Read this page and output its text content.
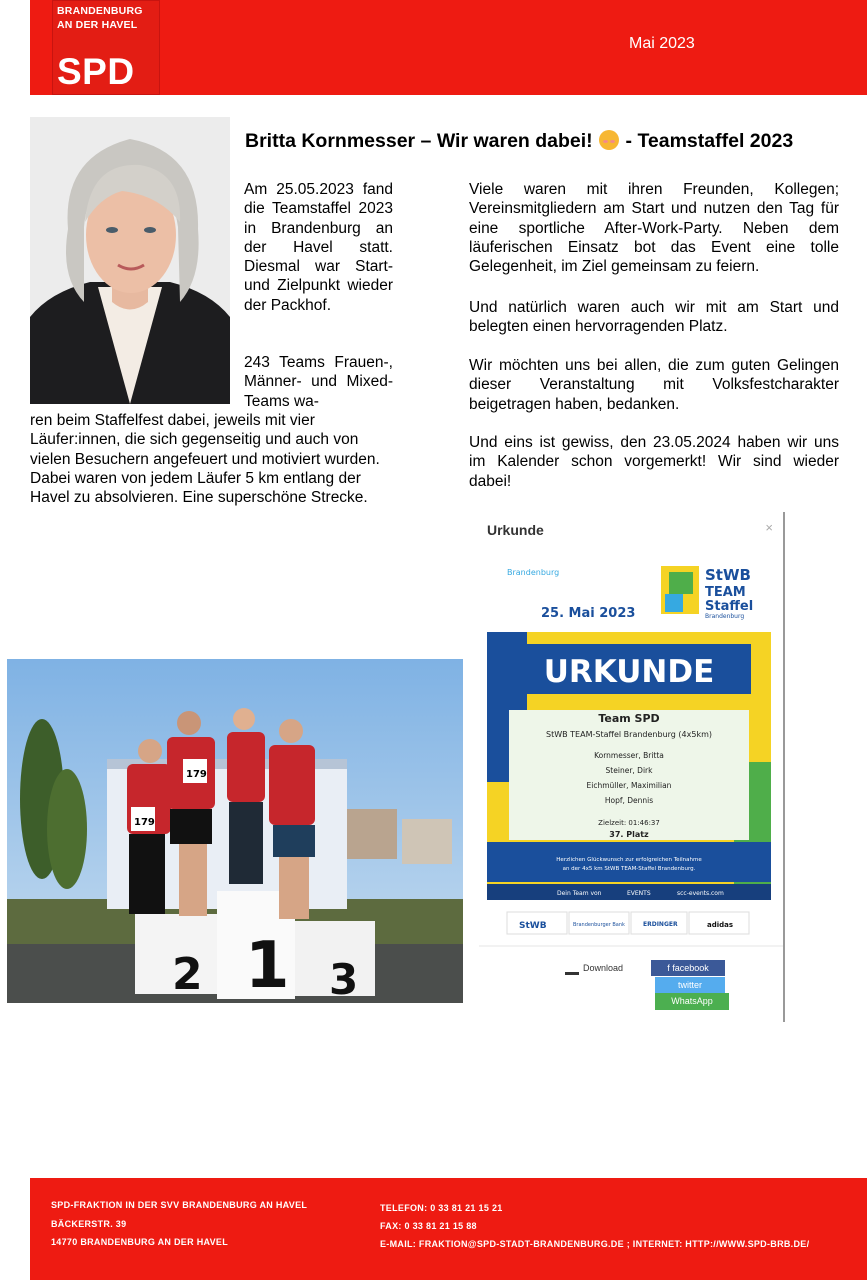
BRANDENBURG
AN DER HAVEL
SPD
Mai 2023
Britta Kornmesser – Wir waren dabei! - Teamstaffel 2023
Am 25.05.2023 fand die Teamstaffel 2023 in Brandenburg an der Havel statt. Diesmal war Start- und Zielpunkt wieder der Packhof.
243 Teams Frauen-, Männer- und Mixed-Teams wa-
ren beim Staffelfest dabei, jeweils mit vier Läufer:innen, die sich gegenseitig und auch von vielen Besuchern angefeuert und motiviert wurden. Dabei waren von jedem Läufer 5 km entlang der Havel zu absolvieren. Eine superschöne Strecke.
Viele waren mit ihren Freunden, Kollegen; Vereinsmitgliedern am Start und nutzen den Tag für eine sportliche After-Work-Party. Neben dem läuferischen Einsatz bot das Event eine tolle Gelegenheit, im Ziel gemeinsam zu feiern.
Und natürlich waren auch wir mit am Start und belegten einen hervorragenden Platz.
Wir möchten uns bei allen, die zum guten Gelingen dieser Veranstaltung mit Volksfestcharakter beigetragen haben, bedanken.
Und eins ist gewiss, den 23.05.2024 haben wir uns im Kalender schon vorgemerkt! Wir sind wieder dabei!
2 1 3
179
179
Urkunde	×
Brandenburg
25. Mai 2023
StWB
TEAM
Staffel
Brandenburg
URKUNDE
Team SPD
StWB TEAM-Staffel Brandenburg (4x5km)
Kornmesser, Britta
Steiner, Dirk
Eichmüller, Maximilian
Hopf, Dennis
Zielzeit: 01:46:37
37. Platz
Herzlichen Glückwunsch zur erfolgreichen Teilnahme
an der 4x5 km StWB TEAM-Staffel Brandenburg.
Dein Team von	EVENTS	scc-events.com
StWB	Brandenburger Bank	ERDINGER	adidas
Download	f facebook
twitter
WhatsApp
SPD-FRAKTION IN DER SVV BRANDENBURG AN HAVEL
BÄCKERSTR. 39
14770 BRANDENBURG AN DER HAVEL
TELEFON: 0 33 81 21 15 21
FAX: 0 33 81 21 15 88
E-MAIL: FRAKTION@SPD-STADT-BRANDENBURG.DE ; INTERNET: HTTP://WWW.SPD-BRB.DE/
